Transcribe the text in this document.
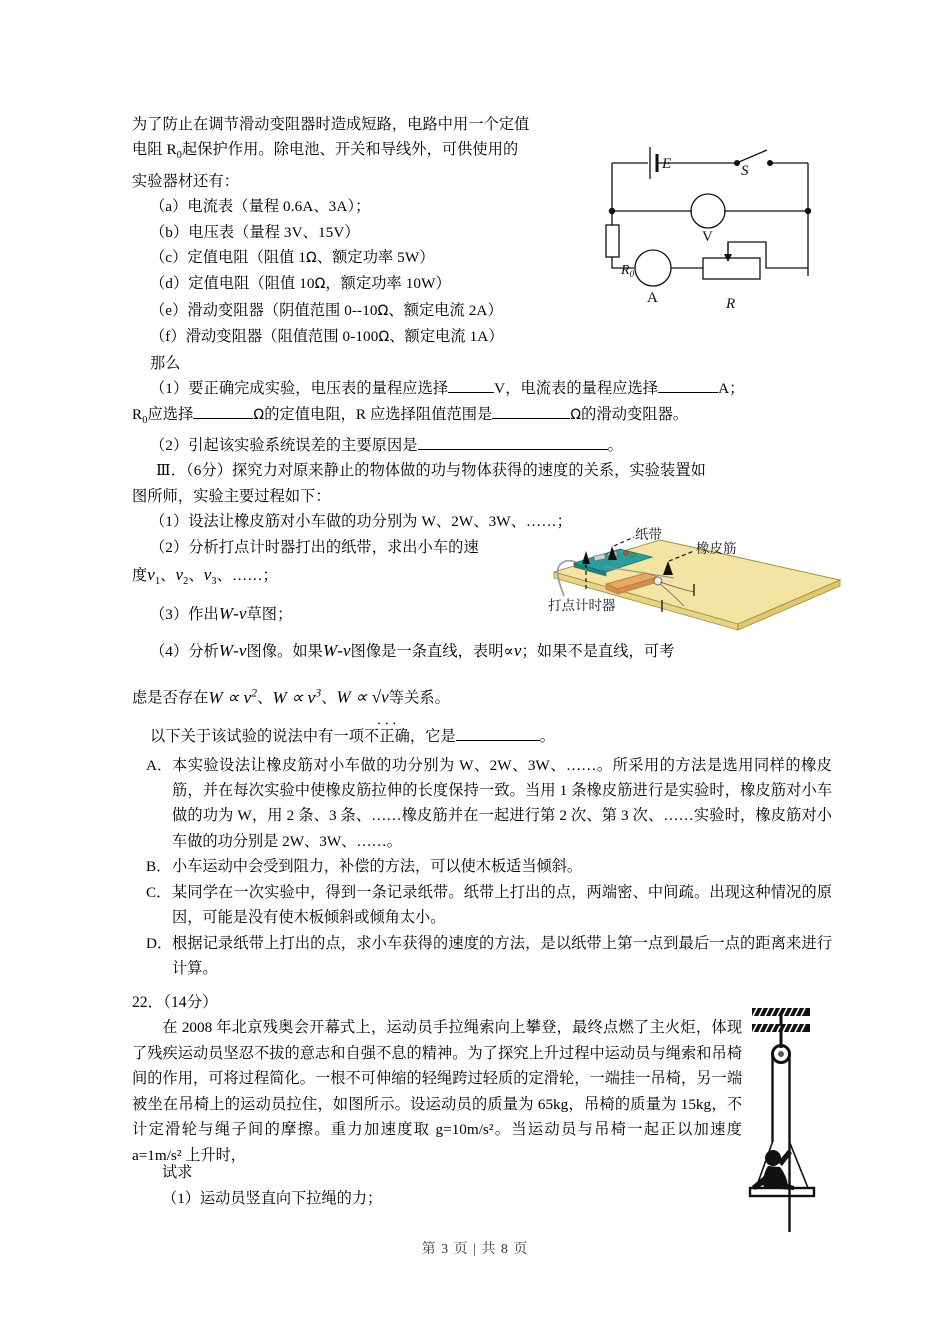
为了防止在调节滑动变阻器时造成短路，电路中用一个定值
电阻 $R_0$起保护作用。除电池、开关和导线外，可供使用的
实验器材还有：
（a）电流表（量程 0.6A、3A）；
（b）电压表（量程 3V、15V）
（c）定值电阻（阻值 1Ω、额定功率 5W）
（d）定值电阻（阻值 10Ω，额定功率 10W）
（e）滑动变阻器（阴值范围 0--10Ω、额定电流 2A）
（f）滑动变阻器（阻值范围 0-100Ω、额定电流 1A）
那么
（1）要正确完成实验，电压表的量程应选择	V，电流表的量程应选择	A；
$R_0$应选择	Ω的定值电阻，R 应选择阻值范围是	Ω的滑动变阻器。
（2）引起该实验系统误差的主要原因是	。
Ⅲ．（6分）探究力对原来静止的物体做的功与物体获得的速度的关系，实验装置如
图所师，实验主要过程如下：
（1）设法让橡皮筋对小车做的功分别为 W、2W、3W、……；
（2）分析打点计时器打出的纸带，求出小车的速
度$v_1$、$v_2$、$v_3$、……；
（3）作出W‑v草图；
（4）分析W‑v图像。如果W‑v图像是一条直线，表明∝v；如果不是直线，可考
虑是否存在$W \propto v^2$、$W \propto v^3$、W ∝ √v等关系。
以下关于该试验的说法中有一项•  •  • 不正确，它是	。
A． 本实验设法让橡皮筋对小车做的功分别为 W、2W、3W、……。所采用的方法是选用同样的橡皮筋，并在每次实验中使橡皮筋拉伸的长度保持一致。当用 1 条橡皮筋进行是实验时，橡皮筋对小车做的功为 W，用 2 条、3 条、……橡皮筋并在一起进行第 2 次、第 3 次、……实验时，橡皮筋对小车做的功分别是 2W、3W、……。
B． 小车运动中会受到阻力，补偿的方法，可以使木板适当倾斜。
C． 某同学在一次实验中，得到一条记录纸带。纸带上打出的点，两端密、中间疏。出现这种情况的原因，可能是没有使木板倾斜或倾角太小。
D． 根据记录纸带上打出的点，求小车获得的速度的方法，是以纸带上第一点到最后一点的距离来进行计算。
22．（14分）
在 2008 年北京残奥会开幕式上，运动员手拉绳索向上攀登，最终点燃了主火炬，体现了残疾运动员坚忍不拔的意志和自强不息的精神。为了探究上升过程中运动员与绳索和吊椅间的作用，可将过程简化。一根不可伸缩的轻绳跨过轻质的定滑轮，一端挂一吊椅，另一端被坐在吊椅上的运动员拉住，如图所示。设运动员的质量为 65kg，吊椅的质量为 15kg，不计定滑轮与绳子间的摩擦。重力加速度取 g=10m/s²。当运动员与吊椅一起正以加速度 a=1m/s² 上升时，
试求
（1）运动员竖直向下拉绳的力；
E	S
V
A
$R_0$
R
纸带
橡皮筋
打点计时器
第 3 页 | 共 8 页
